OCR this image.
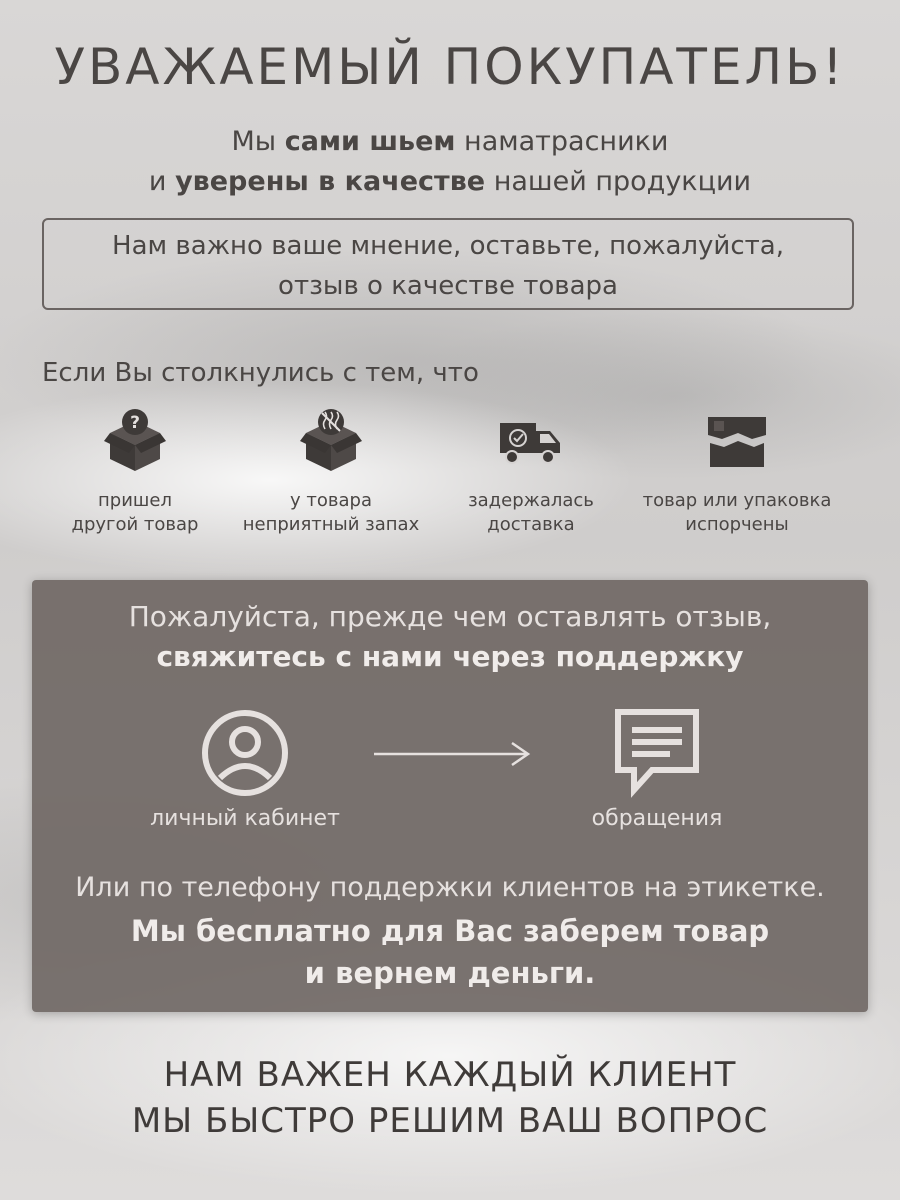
УВАЖАЕМЫЙ ПОКУПАТЕЛЬ!
Мы сами шьем наматрасники
и уверены в качестве нашей продукции
Нам важно ваше мнение, оставьте, пожалуйста,
отзыв о качестве товара
Если Вы столкнулись с тем, что
?
пришел
другой товар
у товара
неприятный запах
задержалась
доставка
товар или упаковка
испорчены
Пожалуйста, прежде чем оставлять отзыв,
свяжитесь с нами через поддержку
личный кабинет	обращения
Или по телефону поддержки клиентов на этикетке.
Мы бесплатно для Вас заберем товар
и вернем деньги.
НАМ ВАЖЕН КАЖДЫЙ КЛИЕНТ
МЫ БЫСТРО РЕШИМ ВАШ ВОПРОС
